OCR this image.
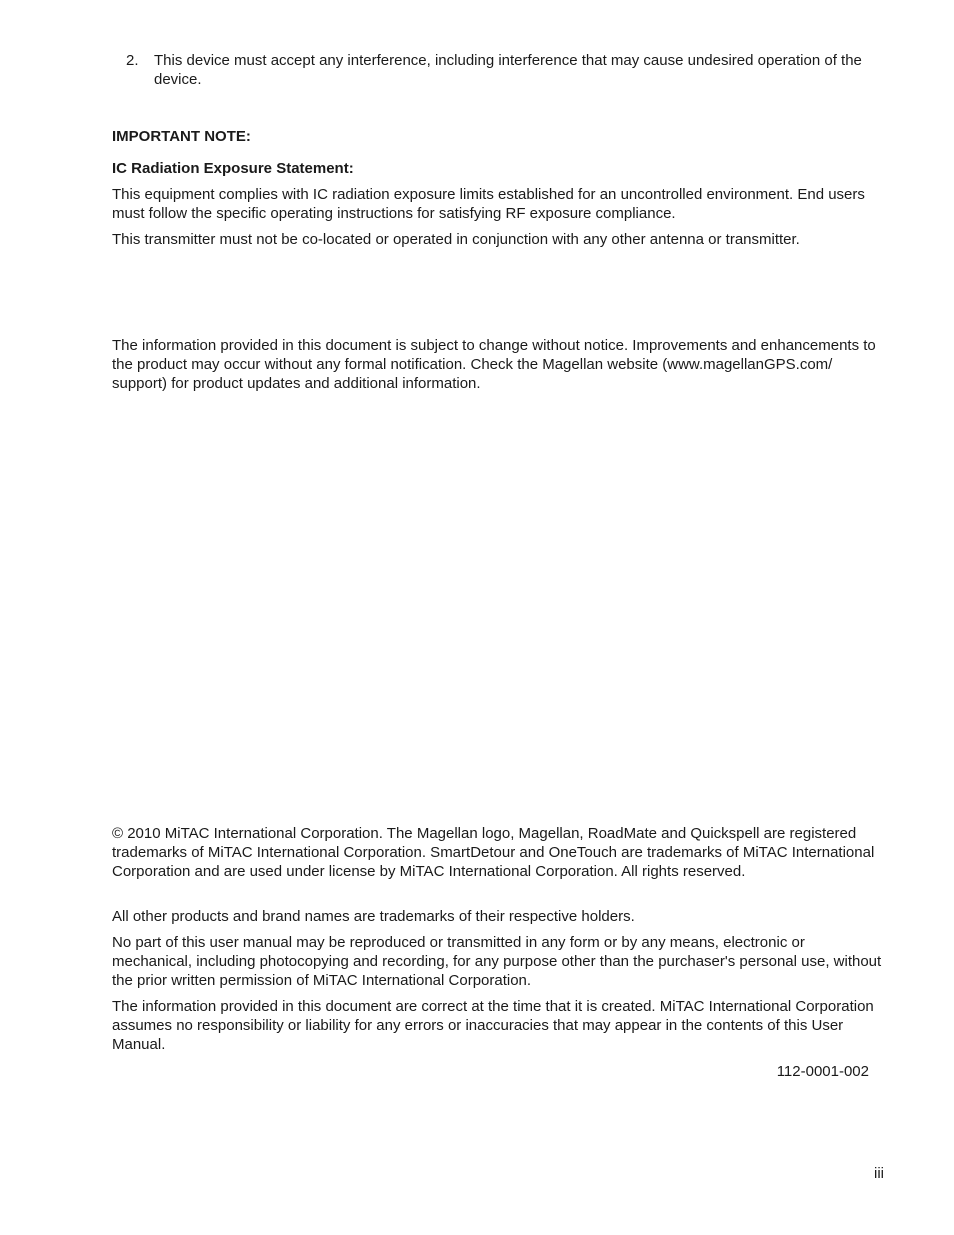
2.	This device must accept any interference, including interference that may cause undesired operation of the device.

IMPORTANT NOTE:

IC Radiation Exposure Statement:

This equipment complies with IC radiation exposure limits established for an uncontrolled environment. End users must follow the specific operating instructions for satisfying RF exposure compliance.

This transmitter must not be co-located or operated in conjunction with any other antenna or transmitter.

The information provided in this document is subject to change without notice. Improvements and enhancements to the product may occur without any formal notification. Check the Magellan website (www.magellanGPS.com/ support) for product updates and additional information.

© 2010 MiTAC International Corporation. The Magellan logo, Magellan, RoadMate and Quickspell are registered trademarks of MiTAC International Corporation. SmartDetour and OneTouch are trademarks of MiTAC International Corporation and are used under license by MiTAC International Corporation. All rights reserved.

All other products and brand names are trademarks of their respective holders.

No part of this user manual may be reproduced or transmitted in any form or by any means, electronic or mechanical, including photocopying and recording, for any purpose other than the purchaser's personal use, without the prior written permission of MiTAC International Corporation.

The information provided in this document are correct at the time that it is created. MiTAC International Corporation assumes no responsibility or liability for any errors or inaccuracies that may appear in the contents of this User Manual.

112-0001-002
iii
